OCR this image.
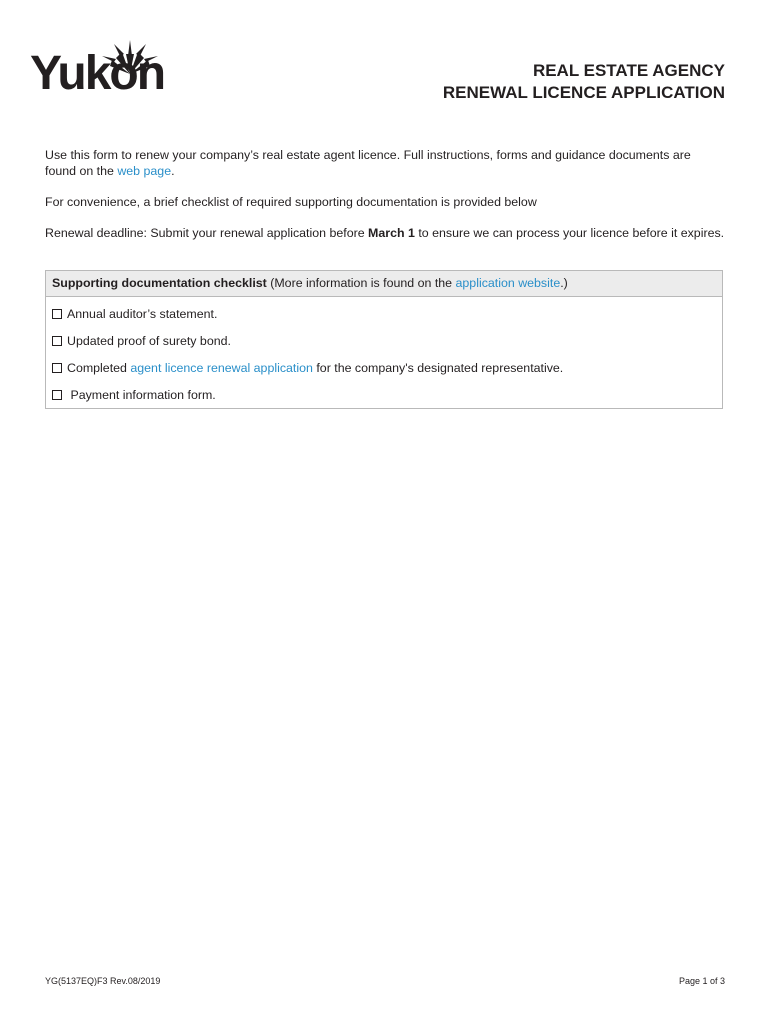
Yukon	REAL ESTATE AGENCY
RENEWAL LICENCE APPLICATION
Use this form to renew your company’s real estate agent licence. Full instructions, forms and guidance documents are found on the web page.
For convenience, a brief checklist of required supporting documentation is provided below
Renewal deadline: Submit your renewal application before March 1 to ensure we can process your licence before it expires.
Supporting documentation checklist (More information is found on the application website.)
Annual auditor’s statement.
Updated proof of surety bond.
Completed agent licence renewal application for the company's designated representative.
Payment information form.
YG(5137EQ)F3 Rev.08/2019	Page 1 of 3
